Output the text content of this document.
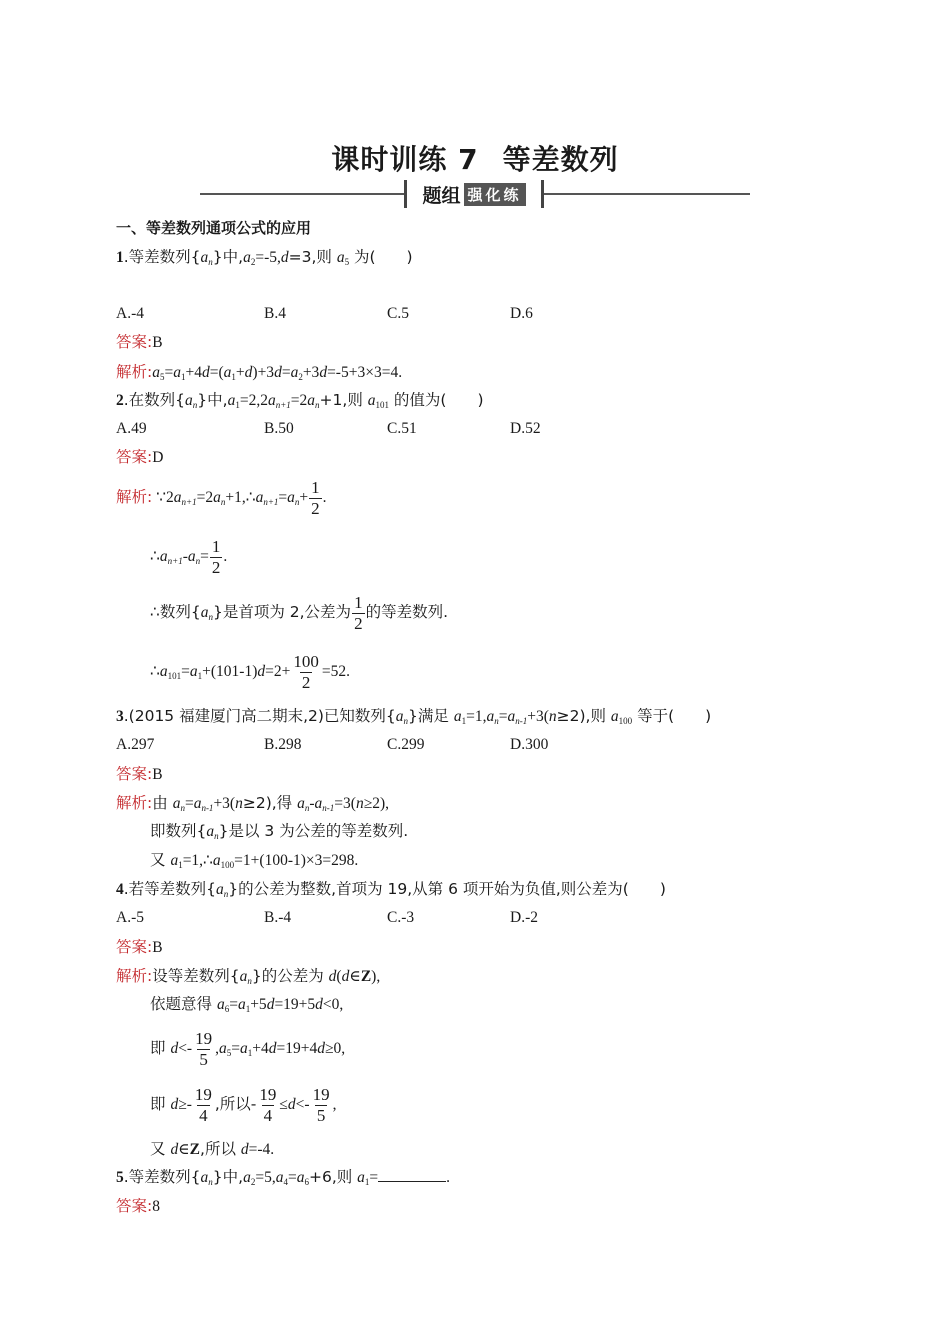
课时训练 7 等差数列
题组 强化练
一、等差数列通项公式的应用
1.等差数列$\{a_n\}$中$,a_2=-5,d=3$,则 $a_5$ 为(　　)
A.-4	B.4	C.5	D.6
答案:B
解析$:a_5=a_1+4d=(a_1+d)+3d=a_2+3d=-5+3\times 3=4$.
2.在数列$\{a_n\}$中$,a_1=2,2a_{n+1}=2a_n+1$,则 $a_{101}$ 的值为(　　)
A.49	B.50	C.51	D.52
答案:D
解析: $\because 2a_{n+1}=2a_n+1,\therefore a_{n+1}=a_n+ \frac{1}{2}$ .
$\therefore a_{n+1}-a_n= \frac{1}{2}$ .
∴数列$\{a_n\}$是首项为 2,公差为 $\frac{1}{2}$ 的等差数列.
$\therefore a_{101}=a_1+(101-1)d=2+ \frac{100}{2} =52$.
3.(2015 福建厦门高二期末,2)已知数列$\{a_n\}$满足 $a_1=1,a_n=a_{n-1}+3(n\ge 2)$,则 $a_{100}$ 等于(　　)
A.297	B.298	C.299	D.300
答案:B
解析:由 $a_n=a_{n-1}+3(n\ge 2)$,得 $a_n-a_{n-1}=3(n\ge 2)$,
即数列$\{a_n\}$是以 3 为公差的等差数列.
又 $a_1=1,\therefore a_{100}=1+(100-1)\times 3=298$.
4.若等差数列$\{a_n\}$的公差为整数,首项为 19,从第 6 项开始为负值,则公差为(　　)
A.-5	B.-4	C.-3	D.-2
答案:B
解析:设等差数列$\{a_n\}$的公差为 d(d∈Z),
依题意得 $a_6=a_1+5d=19+5d<0$,
即 $d<- \frac{19}{5} ,a_5=a_1+4d=19+4d\ge 0$,
即 $d\ge- \frac{19}{4}$ ,所以- $\frac{19}{4} \le d<- \frac{19}{5}$ ,
又 d∈Z,所以 d=-4.
5.等差数列$\{a_n\}$中$,a_2=5,a_4=a_6+6$,则 $a_1=$	.
答案:8
